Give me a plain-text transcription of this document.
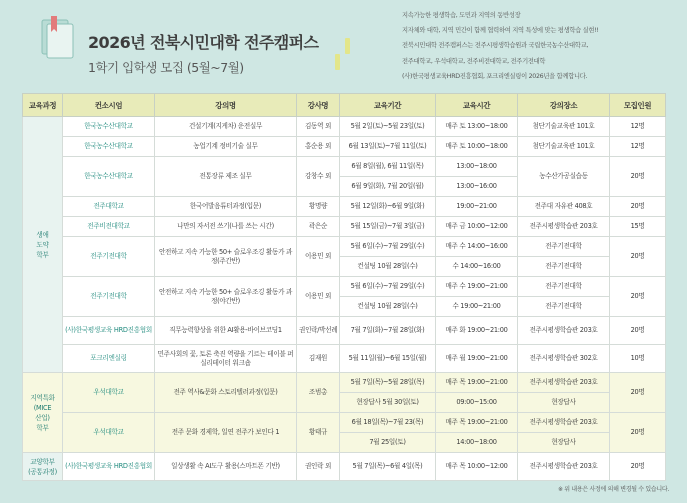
2026년 전북시민대학 전주캠퍼스
1학기 입학생 모집 (5월~7월)
지속가능한 평생학습, 도민과 지역의 동반성장
지자체와 대학, 지역 민간이 함께 협력하여 지역 특성에 맞는 평생학습 실현!!
전북시민대학 전주캠퍼스는 전주시평생학습원과 국립한국농수산대학교,
전주대학교, 우석대학교, 전주비전대학교, 전주기전대학
(사)한국평생교육HRD진흥협회, 포크리엔실링이 2026년을 함께합니다.
교육과정	컨소시엄	강의명	강사명	교육기간	교육시간	강의장소	모집인원
생애
도약
학부	한국농수산대학교	건설기계(지게차) 운전실무	김동역 외	5월 2일(토)~5월 23일(토)	매주 토 13:00~18:00	첨단기술교육관 101호	12명
	한국농수산대학교	농업기계 정비기술 실무	홍순용 외	6월 13일(토)~7월 11일(토)	매주 토 10:00~18:00	첨단기술교육관 101호	12명
	한국농수산대학교	전통장류 제조 실무	강창수 외	6월 8일(월), 6월 11일(목)	13:00~18:00	농수산가공실습동	20명
				6월 9일(화), 7월 20일(월)	13:00~16:00		
	전주대학교	한국어발음튜터과정(입문)	황명량	5월 12일(화)~6월 9일(화)	19:00~21:00	전주대 자유관 408호	20명
	전주비전대학교	나만의 자서전 쓰기(나를 쓰는 시간)	곽은순	5월 15일(금)~7월 3일(금)	매주 금 10:00~12:00	전주시평생학습관 203호	15명
	전주기전대학	안전하고 지속 가능한 50+ 슬로우조깅 활동가 과정(주간반)	이용민 외	5월 6일(수)~7월 29일(수)	매주 수 14:00~16:00	전주기전대학	20명
				컨설팅 10월 28일(수)	수 14:00~16:00	전주기전대학	
	전주기전대학	안전하고 지속 가능한 50+ 슬로우조깅 활동가 과정(야간반)	이용민 외	5월 6일(수)~7월 29일(수)	매주 수 19:00~21:00	전주기전대학	20명
				컨설팅 10월 28일(수)	수 19:00~21:00	전주기전대학	
	(사)한국평생교육 HRD진흥협회	직무능력향상을 위한 AI활용-바이브코딩1	권인락/박선례	7월 7일(화)~7월 28일(화)	매주 화 19:00~21:00	전주시평생학습관 203호	20명
	포크리엔실링	민주사회의 꽃, 토론 축진 역량을 기르는 테이블 퍼실리테이터 워크숍	김재원	5월 11일(월)~6월 15일(월)	매주 월 19:00~21:00	전주시평생학습관 302호	10명
지역특화
(MICE
산업)
학부	우석대학교	전주 역사&문화 스토리텔러과정(입문)	조범총	5월 7일(목)~5월 28일(목)	매주 목 19:00~21:00	전주시평생학습관 203호	20명
				현장답사 5월 30일(토)	09:00~15:00	현장답사	
	우석대학교	전주 문화 경제학, 일연 전주가 보인다 1	황태규	6월 18일(목)~7월 23(목)	매주 목 19:00~21:00	전주시평생학습관 203호	20명
				7월 25일(토)	14:00~18:00	현장답사	
교양학부
(공통과정)	(사)한국평생교육 HRD진흥협회	일상생활 속 AI도구 활용(스마트폰 기반)	권인락 외	5월 7일(목)~6월 4일(목)	매주 목 10:00~12:00	전주시평생학습관 203호	20명
※ 위 내용은 사정에 의해 변경될 수 있습니다.
